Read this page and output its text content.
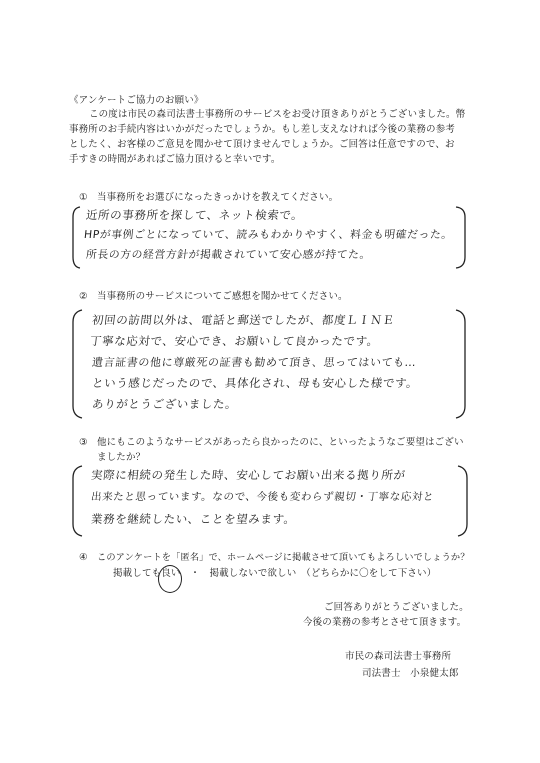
《アンケートご協力のお願い》
この度は市民の森司法書士事務所のサービスをお受け頂きありがとうございました。幣
事務所のお手続内容はいかがだったでしょうか。もし差し支えなければ今後の業務の参考
としたく、お客様のご意見を聞かせて頂けませんでしょうか。ご回答は任意ですので、お
手すきの時間があればご協力頂けると幸いです。
① 当事務所をお選びになったきっかけを教えてください。
近所の事務所を探して、ネット検索で。
HPが事例ごとになっていて、読みもわかりやすく、料金も明確だった。
所長の方の経営方針が掲載されていて安心感が持てた。
② 当事務所のサービスについてご感想を聞かせてください。
初回の訪問以外は、電話と郵送でしたが、都度ＬＩＮＥ
丁寧な応対で、安心でき、お願いして良かったです。
遺言証書の他に尊厳死の証書も勧めて頂き、思ってはいても…
という感じだったので、具体化され、母も安心した様です。
ありがとうございました。
③ 他にもこのようなサービスがあったら良かったのに、といったようなご要望はござい
ましたか？
実際に相続の発生した時、安心してお願い出来る拠り所が
出来たと思っています。なので、今後も変わらず親切・丁寧な応対と
業務を継続したい、ことを望みます。
④ このアンケートを「匿名」で、ホームページに掲載させて頂いてもよろしいでしょうか？
掲載しても良い　・　掲載しないで欲しい　（どちらかに〇をして下さい）
ご回答ありがとうございました。
今後の業務の参考とさせて頂きます。
市民の森司法書士事務所
司法書士　小泉健太郎
